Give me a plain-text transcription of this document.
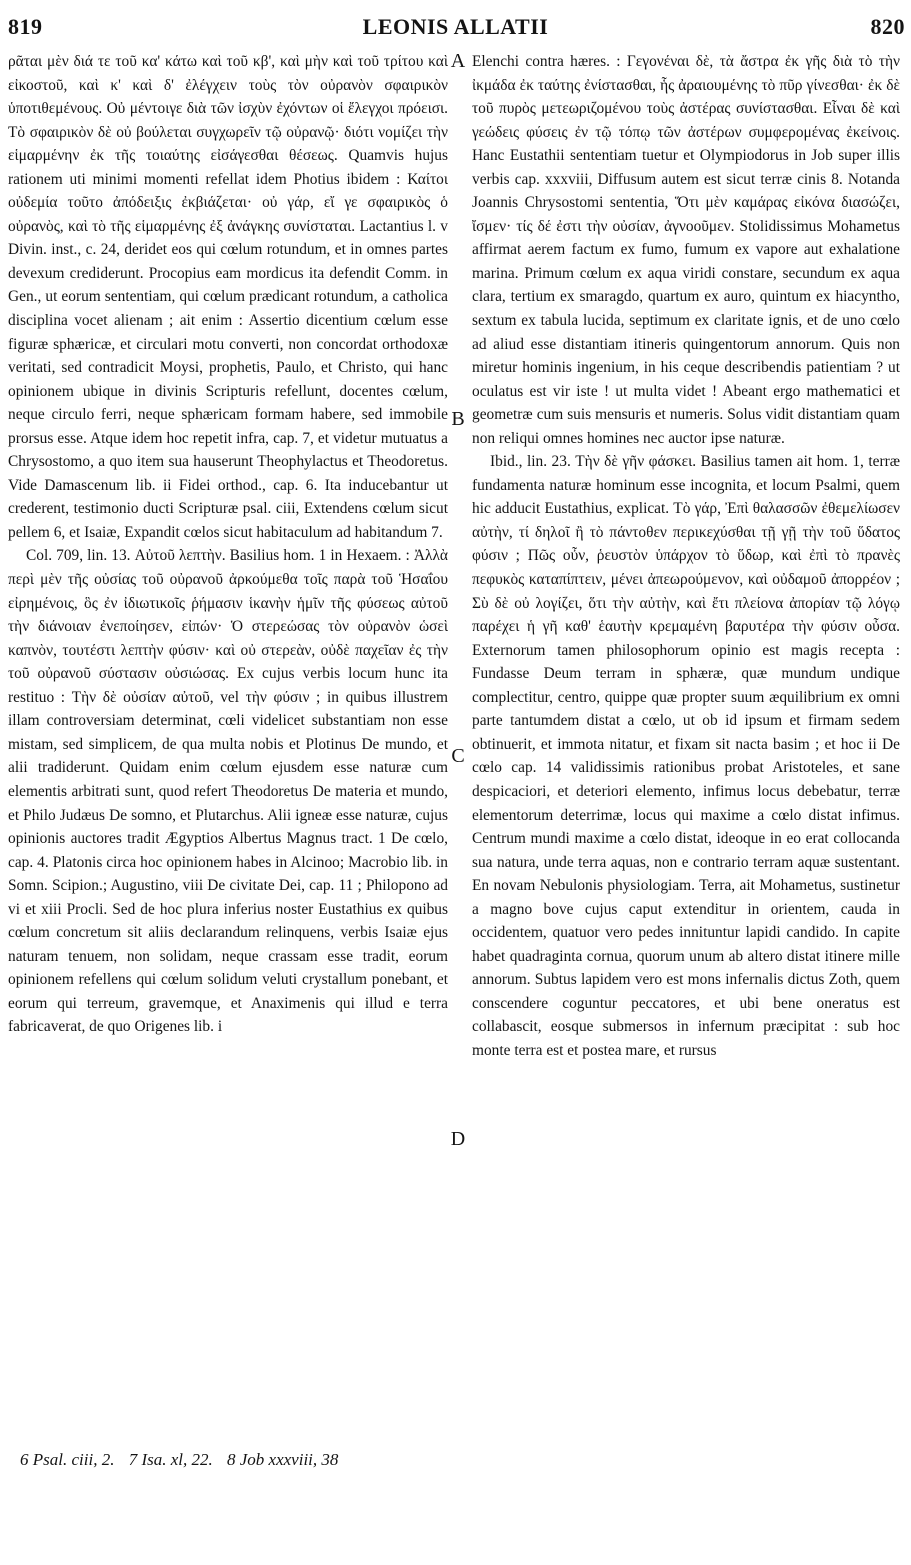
819	LEONIS ALLATII	820

ρᾶται μὲν διά τε τοῦ κα' κάτω καὶ τοῦ κβ', καὶ μὴν καὶ τοῦ τρίτου καὶ εἰκοστοῦ, καὶ κ' καὶ δ' ἐλέγχειν τοὺς τὸν οὐρανὸν σφαιρικὸν ὑποτιθεμένους. Οὐ μέντοιγε διὰ τῶν ἰσχὺν ἐχόντων οἱ ἔλεγχοι πρόεισι. Τὸ σφαιρικὸν δὲ οὐ βούλεται συγχωρεῖν τῷ οὐρανῷ· διότι νομίζει τὴν εἱμαρμένην ἐκ τῆς τοιαύτης εἰσάγεσθαι θέσεως. Quamvis hujus rationem uti minimi momenti refellat idem Photius ibidem : Καίτοι οὐδεμία τοῦτο ἀπόδειξις ἐκβιάζεται· οὐ γάρ, εἴ γε σφαιρικὸς ὁ οὐρανὸς, καὶ τὸ τῆς εἱμαρμένης ἐξ ἀνάγκης συνίσταται. Lactantius l. v Divin. inst., c. 24, deridet eos qui cœlum rotundum, et in omnes partes devexum crediderunt. Procopius eam mordicus ita defendit Comm. in Gen., ut eorum sententiam, qui cœlum prædicant rotundum, a catholica disciplina vocet alienam ; ait enim : Assertio dicentium cœlum esse figuræ sphæricæ, et circulari motu converti, non concordat orthodoxæ veritati, sed contradicit Moysi, prophetis, Paulo, et Christo, qui hanc opinionem ubique in divinis Scripturis refellunt, docentes cœlum, neque circulo ferri, neque sphæricam formam habere, sed immobile prorsus esse. Atque idem hoc repetit infra, cap. 7, et videtur mutuatus a Chrysostomo, a quo item sua hauserunt Theophylactus et Theodoretus. Vide Damascenum lib. ii Fidei orthod., cap. 6. Ita inducebantur ut crederent, testimonio ducti Scripturæ psal. ciii, Extendens cœlum sicut pellem 6, et Isaiæ, Expandit cœlos sicut habitaculum ad habitandum 7.

Col. 709, lin. 13. Αὐτοῦ λεπτὴν. Basilius hom. 1 in Hexaem. : Ἀλλὰ περὶ μὲν τῆς οὐσίας τοῦ οὐρανοῦ ἀρκούμεθα τοῖς παρὰ τοῦ Ἡσαΐου εἰρημένοις, ὃς ἐν ἰδιωτικοῖς ῥήμασιν ἱκανὴν ἡμῖν τῆς φύσεως αὐτοῦ τὴν διάνοιαν ἐνεποίησεν, εἰπών· Ὁ στερεώσας τὸν οὐρανὸν ὡσεὶ καπνὸν, τουτέστι λεπτὴν φύσιν· καὶ οὐ στερεὰν, οὐδὲ παχεῖαν ἐς τὴν τοῦ οὐρανοῦ σύστασιν οὐσιώσας. Ex cujus verbis locum hunc ita restituo : Τὴν δὲ οὐσίαν αὐτοῦ, vel τὴν φύσιν ; in quibus illustrem illam controversiam determinat, cœli videlicet substantiam non esse mistam, sed simplicem, de qua multa nobis et Plotinus De mundo, et alii tradiderunt. Quidam enim cœlum ejusdem esse naturæ cum elementis arbitrati sunt, quod refert Theodoretus De materia et mundo, et Philo Judæus De somno, et Plutarchus. Alii igneæ esse naturæ, cujus opinionis auctores tradit Ægyptios Albertus Magnus tract. 1 De cœlo, cap. 4. Platonis circa hoc opinionem habes in Alcinoo; Macrobio lib. in Somn. Scipion.; Augustino, viii De civitate Dei, cap. 11 ; Philopono ad vi et xiii Procli. Sed de hoc plura inferius noster Eustathius ex quibus cœlum concretum sit aliis declarandum relinquens, verbis Isaiæ ejus naturam tenuem, non solidam, neque crassam esse tradit, eorum opinionem refellens qui cœlum solidum veluti crystallum ponebant, et eorum qui terreum, gravemque, et Anaximenis qui illud e terra fabricaverat, de quo Origenes lib. i

A
B
C
D

Elenchi contra hæres. : Γεγονέναι δὲ, τὰ ἄστρα ἐκ γῆς διὰ τὸ τὴν ἰκμάδα ἐκ ταύτης ἐνίστασθαι, ἧς ἀραιουμένης τὸ πῦρ γίνεσθαι· ἐκ δὲ τοῦ πυρὸς μετεωριζομένου τοὺς ἀστέρας συνίστασθαι. Εἶναι δὲ καὶ γεώδεις φύσεις ἐν τῷ τόπῳ τῶν ἀστέρων συμφερομένας ἐκείνοις. Hanc Eustathii sententiam tuetur et Olympiodorus in Job super illis verbis cap. xxxviii, Diffusum autem est sicut terræ cinis 8. Notanda Joannis Chrysostomi sententia, Ὅτι μὲν καμάρας εἰκόνα διασώζει, ἴσμεν· τίς δέ ἐστι τὴν οὐσίαν, ἀγνοοῦμεν. Stolidissimus Mohametus affirmat aerem factum ex fumo, fumum ex vapore aut exhalatione marina. Primum cœlum ex aqua viridi constare, secundum ex aqua clara, tertium ex smaragdo, quartum ex auro, quintum ex hiacyntho, sextum ex tabula lucida, septimum ex claritate ignis, et de uno cœlo ad aliud esse distantiam itineris quingentorum annorum. Quis non miretur hominis ingenium, in his ceque describendis patientiam ? ut oculatus est vir iste ! ut multa videt ! Abeant ergo mathematici et geometræ cum suis mensuris et numeris. Solus vidit distantiam quam non reliqui omnes homines nec auctor ipse naturæ.

Ibid., lin. 23. Τὴν δὲ γῆν φάσκει. Basilius tamen ait hom. 1, terræ fundamenta naturæ hominum esse incognita, et locum Psalmi, quem hic adducit Eustathius, explicat. Τὸ γάρ, Ἐπὶ θαλασσῶν ἐθεμελίωσεν αὐτὴν, τί δηλοῖ ἢ τὸ πάντοθεν περικεχύσθαι τῇ γῇ τὴν τοῦ ὕδατος φύσιν ; Πῶς οὖν, ῥευστὸν ὑπάρχον τὸ ὕδωρ, καὶ ἐπὶ τὸ πρανὲς πεφυκὸς καταπίπτειν, μένει ἀπεωρούμενον, καὶ οὐδαμοῦ ἀπορρέον ; Σὺ δὲ οὐ λογίζει, ὅτι τὴν αὐτὴν, καὶ ἔτι πλείονα ἀπορίαν τῷ λόγῳ παρέχει ἡ γῆ καθ' ἑαυτὴν κρεμαμένη βαρυτέρα τὴν φύσιν οὖσα. Externorum tamen philosophorum opinio est magis recepta : Fundasse Deum terram in sphæræ, quæ mundum undique complectitur, centro, quippe quæ propter suum æquilibrium ex omni parte tantumdem distat a cœlo, ut ob id ipsum et firmam sedem obtinuerit, et immota nitatur, et fixam sit nacta basim ; et hoc ii De cœlo cap. 14 validissimis rationibus probat Aristoteles, et sane despicaciori, et deteriori elemento, infimus locus debebatur, terræ elementorum deterrimæ, locus qui maxime a cœlo distat infimus. Centrum mundi maxime a cœlo distat, ideoque in eo erat collocanda sua natura, unde terra aquas, non e contrario terram aquæ sustentant. En novam Nebulonis physiologiam. Terra, ait Mohametus, sustinetur a magno bove cujus caput extenditur in orientem, cauda in occidentem, quatuor vero pedes innituntur lapidi candido. In capite habet quadraginta cornua, quorum unum ab altero distat itinere mille annorum. Subtus lapidem vero est mons infernalis dictus Zoth, quem conscendere coguntur peccatores, et ubi bene oneratus est collabascit, eosque submersos in infernum præcipitat : sub hoc monte terra est et postea mare, et rursus

6 Psal. ciii, 2. 7 Isa. xl, 22. 8 Job xxxviii, 38
